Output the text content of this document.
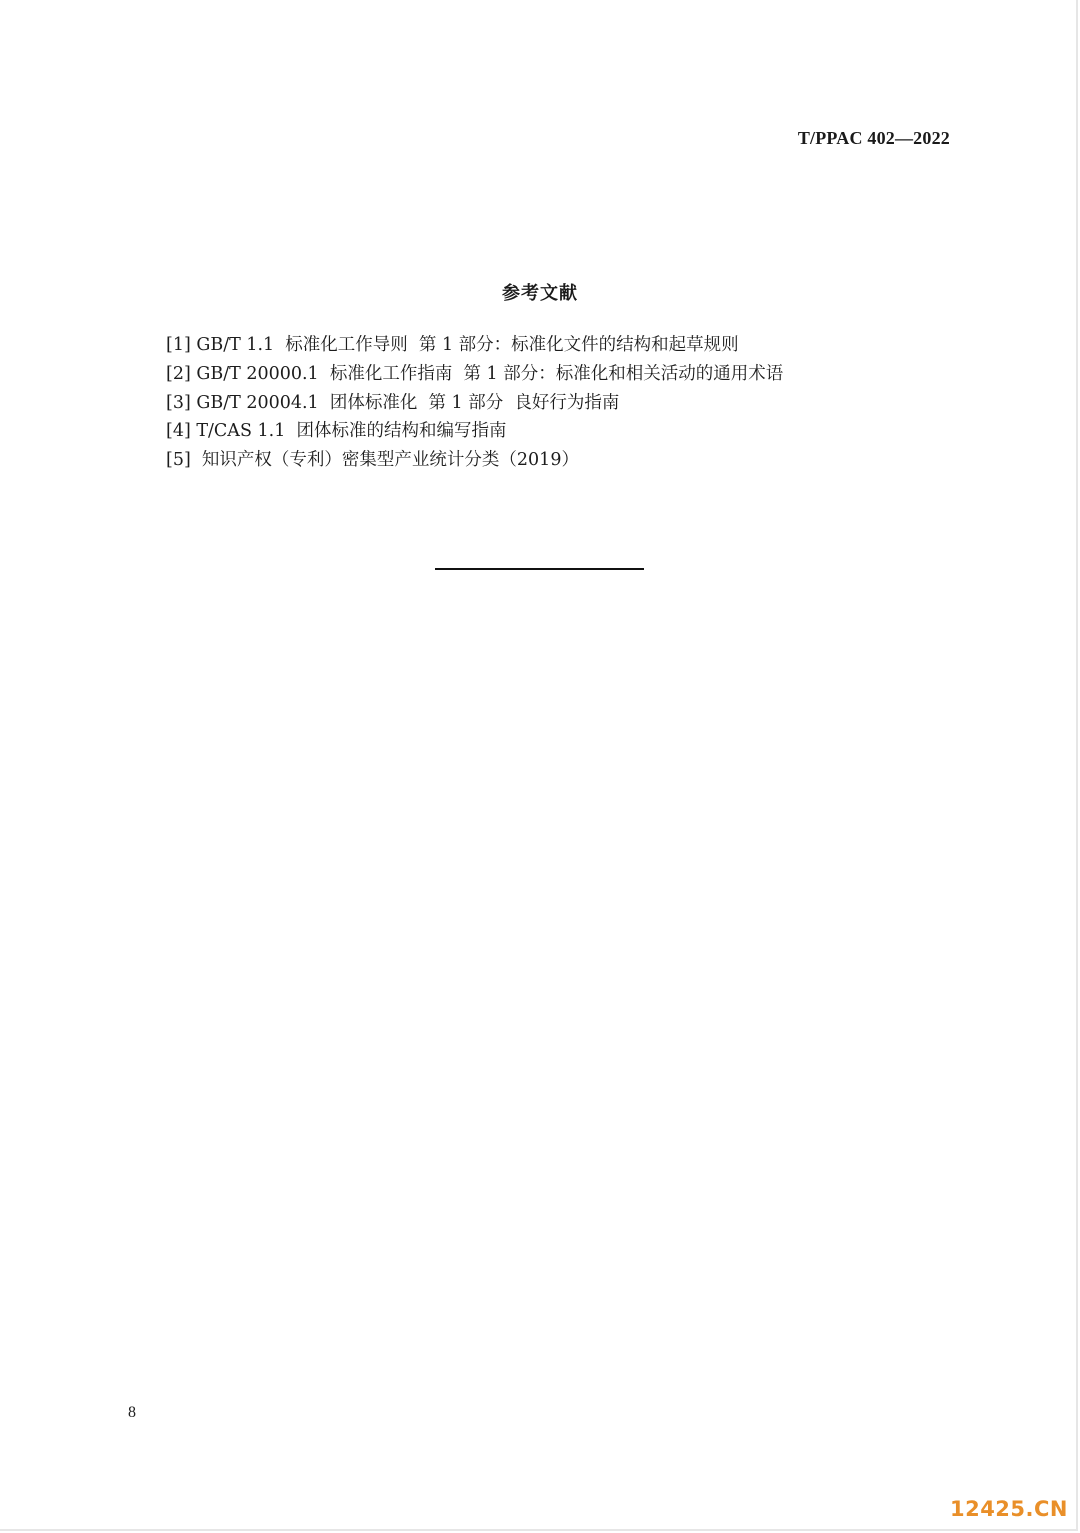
T/PPAC 402—2022
参考文献
[1] GB/T 1.1  标准化工作导则  第 1 部分：标准化文件的结构和起草规则
[2] GB/T 20000.1  标准化工作指南  第 1 部分：标准化和相关活动的通用术语
[3] GB/T 20004.1  团体标准化  第 1 部分  良好行为指南
[4] T/CAS 1.1  团体标准的结构和编写指南
[5]  知识产权（专利）密集型产业统计分类（2019）
8
12425.CN
